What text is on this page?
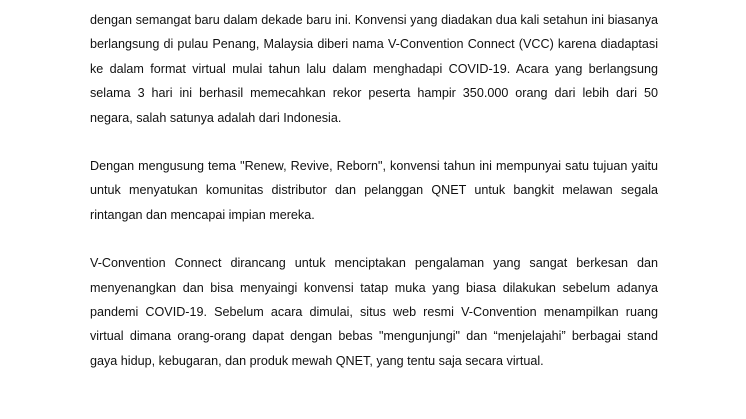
dengan semangat baru dalam dekade baru ini. Konvensi yang diadakan dua kali setahun ini biasanya
berlangsung di pulau Penang, Malaysia diberi nama V-Convention Connect (VCC) karena diadaptasi
ke dalam format virtual mulai tahun lalu dalam menghadapi COVID-19. Acara yang berlangsung
selama 3 hari ini berhasil memecahkan rekor peserta hampir 350.000 orang dari lebih dari 50
negara, salah satunya adalah dari Indonesia.
Dengan mengusung tema "Renew, Revive, Reborn", konvensi tahun ini mempunyai satu tujuan yaitu
untuk menyatukan komunitas distributor dan pelanggan QNET untuk bangkit melawan segala
rintangan dan mencapai impian mereka.
V-Convention Connect dirancang untuk menciptakan pengalaman yang sangat berkesan dan
menyenangkan dan bisa menyaingi konvensi tatap muka yang biasa dilakukan sebelum adanya
pandemi COVID-19. Sebelum acara dimulai, situs web resmi V-Convention menampilkan ruang
virtual dimana orang-orang dapat dengan bebas "mengunjungi" dan “menjelajahi” berbagai stand
gaya hidup, kebugaran, dan produk mewah QNET, yang tentu saja secara virtual.
